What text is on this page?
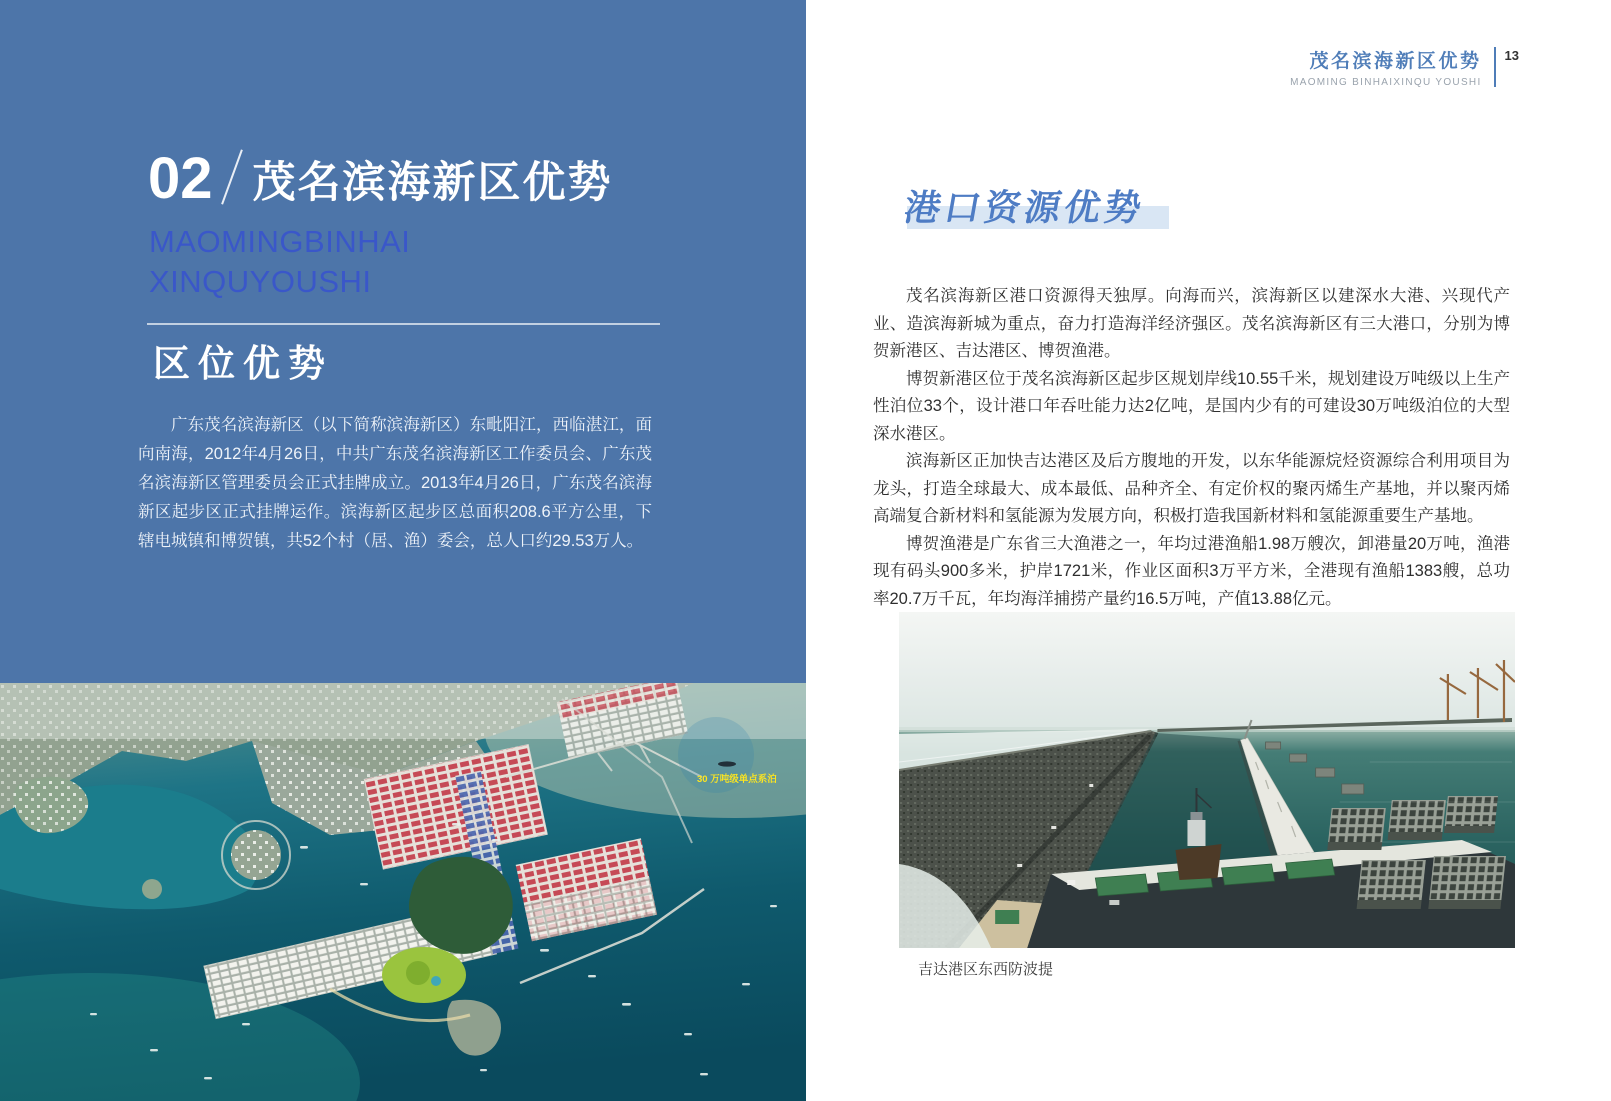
02 茂名滨海新区优势
MAOMINGBINHAI
XINQUYOUSHI
区位优势

广东茂名滨海新区（以下简称滨海新区）东毗阳江，西临湛江，面向南海，2012年4月26日，中共广东茂名滨海新区工作委员会、广东茂名滨海新区管理委员会正式挂牌成立。2013年4月26日，广东茂名滨海新区起步区正式挂牌运作。滨海新区起步区总面积208.6平方公里，下辖电城镇和博贺镇，共52个村（居、渔）委会，总人口约29.53万人。

30 万吨级单点系泊
茂名滨海新区优势
MAOMING BINHAIXINQU YOUSHI
13
港口资源优势

茂名滨海新区港口资源得天独厚。向海而兴，滨海新区以建深水大港、兴现代产业、造滨海新城为重点，奋力打造海洋经济强区。茂名滨海新区有三大港口，分别为博贺新港区、吉达港区、博贺渔港。

博贺新港区位于茂名滨海新区起步区规划岸线10.55千米，规划建设万吨级以上生产性泊位33个，设计港口年吞吐能力达2亿吨，是国内少有的可建设30万吨级泊位的大型深水港区。

滨海新区正加快吉达港区及后方腹地的开发，以东华能源烷烃资源综合利用项目为龙头，打造全球最大、成本最低、品种齐全、有定价权的聚丙烯生产基地，并以聚丙烯高端复合新材料和氢能源为发展方向，积极打造我国新材料和氢能源重要生产基地。

博贺渔港是广东省三大渔港之一，年均过港渔船1.98万艘次，卸港量20万吨，渔港现有码头900多米，护岸1721米，作业区面积3万平方米，全港现有渔船1383艘，总功率20.7万千瓦，年均海洋捕捞产量约16.5万吨，产值13.88亿元。

吉达港区东西防波提
